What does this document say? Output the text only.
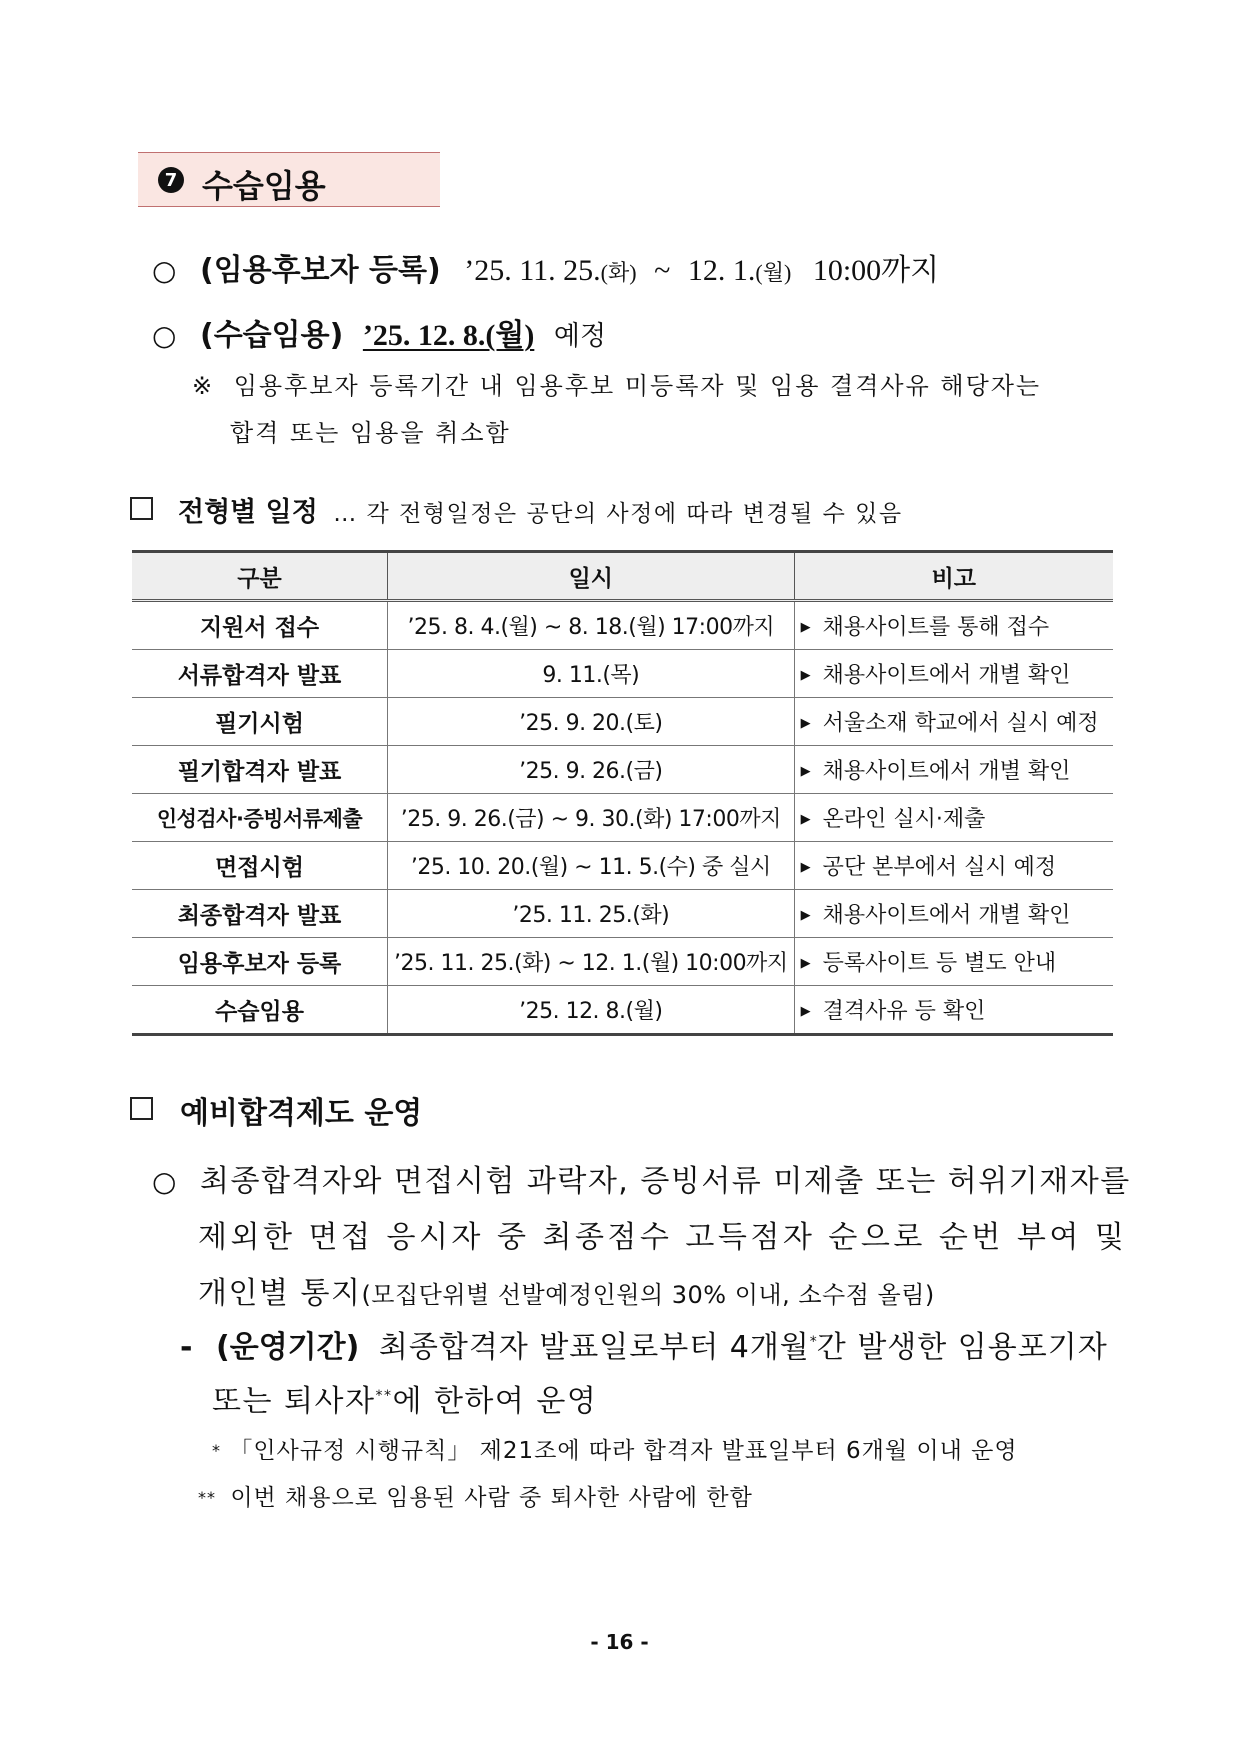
7 수습임용
○ (임용후보자 등록) ’25. 11. 25.(화) ~ 12. 1.(월) 10:00까지
○ (수습임용) ’25. 12. 8.(월) 예정
※ 임용후보자 등록기간 내 임용후보 미등록자 및 임용 결격사유 해당자는
합격 또는 임용을 취소함
전형별 일정 … 각 전형일정은 공단의 사정에 따라 변경될 수 있음
구분	일시	비고
지원서 접수	’25. 8. 4.(월) ~ 8. 18.(월) 17:00까지	▶ 채용사이트를 통해 접수
서류합격자 발표	9. 11.(목)	▶ 채용사이트에서 개별 확인
필기시험	’25. 9. 20.(토)	▶ 서울소재 학교에서 실시 예정
필기합격자 발표	’25. 9. 26.(금)	▶ 채용사이트에서 개별 확인
인성검사·증빙서류제출	’25. 9. 26.(금) ~ 9. 30.(화) 17:00까지	▶ 온라인 실시·제출
면접시험	’25. 10. 20.(월) ~ 11. 5.(수) 중 실시	▶ 공단 본부에서 실시 예정
최종합격자 발표	’25. 11. 25.(화)	▶ 채용사이트에서 개별 확인
임용후보자 등록	’25. 11. 25.(화) ~ 12. 1.(월) 10:00까지	▶ 등록사이트 등 별도 안내
수습임용	’25. 12. 8.(월)	▶ 결격사유 등 확인
예비합격제도 운영
○ 최종합격자와 면접시험 과락자, 증빙서류 미제출 또는 허위기재자를
제외한 면접 응시자 중 최종점수 고득점자 순으로 순번 부여 및
개인별 통지(모집단위별 선발예정인원의 30% 이내, 소수점 올림)
- (운영기간) 최종합격자 발표일로부터 4개월*간 발생한 임용포기자
또는 퇴사자**에 한하여 운영
* 「인사규정 시행규칙」 제21조에 따라 합격자 발표일부터 6개월 이내 운영
** 이번 채용으로 임용된 사람 중 퇴사한 사람에 한함
- 16 -
